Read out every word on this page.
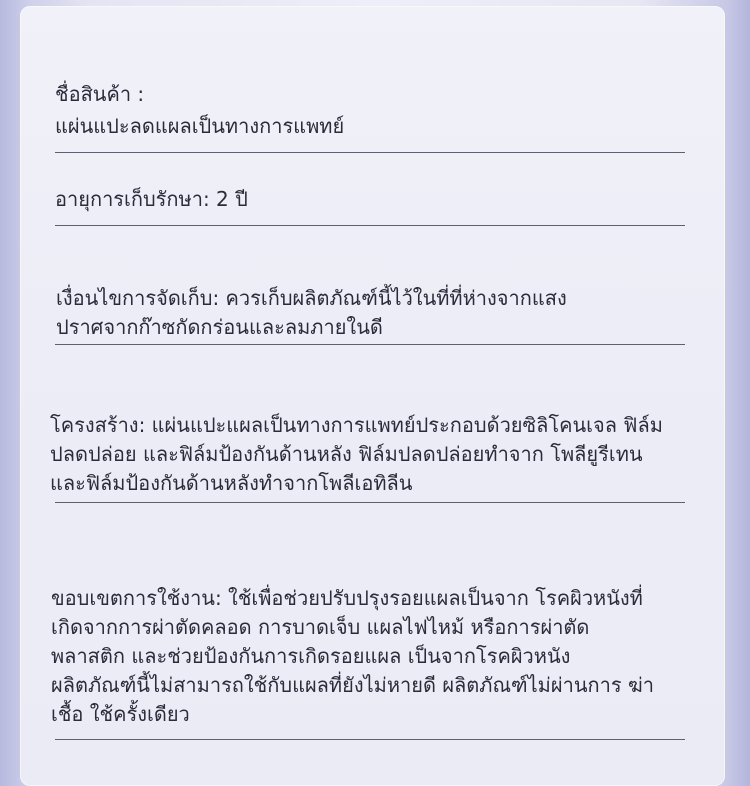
ชื่อสินค้า :

แผ่นแปะลดแผลเป็นทางการแพทย์

อายุการเก็บรักษา: 2 ปี

เงื่อนไขการจัดเก็บ: ควรเก็บผลิตภัณฑ์นี้ไว้ในที่ที่ห่างจากแสง ปราศจากก๊าซกัดกร่อนและลมภายในดี

โครงสร้าง: แผ่นแปะแผลเป็นทางการแพทย์ประกอบด้วยซิลิโคนเจล ฟิล์มปลดปล่อย และฟิล์มป้องกันด้านหลัง ฟิล์มปลดปล่อยทำจาก โพลียูรีเทน และฟิล์มป้องกันด้านหลังทำจากโพลีเอทิลีน

ขอบเขตการใช้งาน: ใช้เพื่อช่วยปรับปรุงรอยแผลเป็นจาก โรคผิวหนังที่เกิดจากการผ่าตัดคลอด การบาดเจ็บ แผลไฟไหม้ หรือการผ่าตัดพลาสติก และช่วยป้องกันการเกิดรอยแผล เป็นจากโรคผิวหนัง ผลิตภัณฑ์นี้ไม่สามารถใช้กับแผลที่ยังไม่หายดี ผลิตภัณฑ์ไม่ผ่านการ ฆ่าเชื้อ ใช้ครั้งเดียว
